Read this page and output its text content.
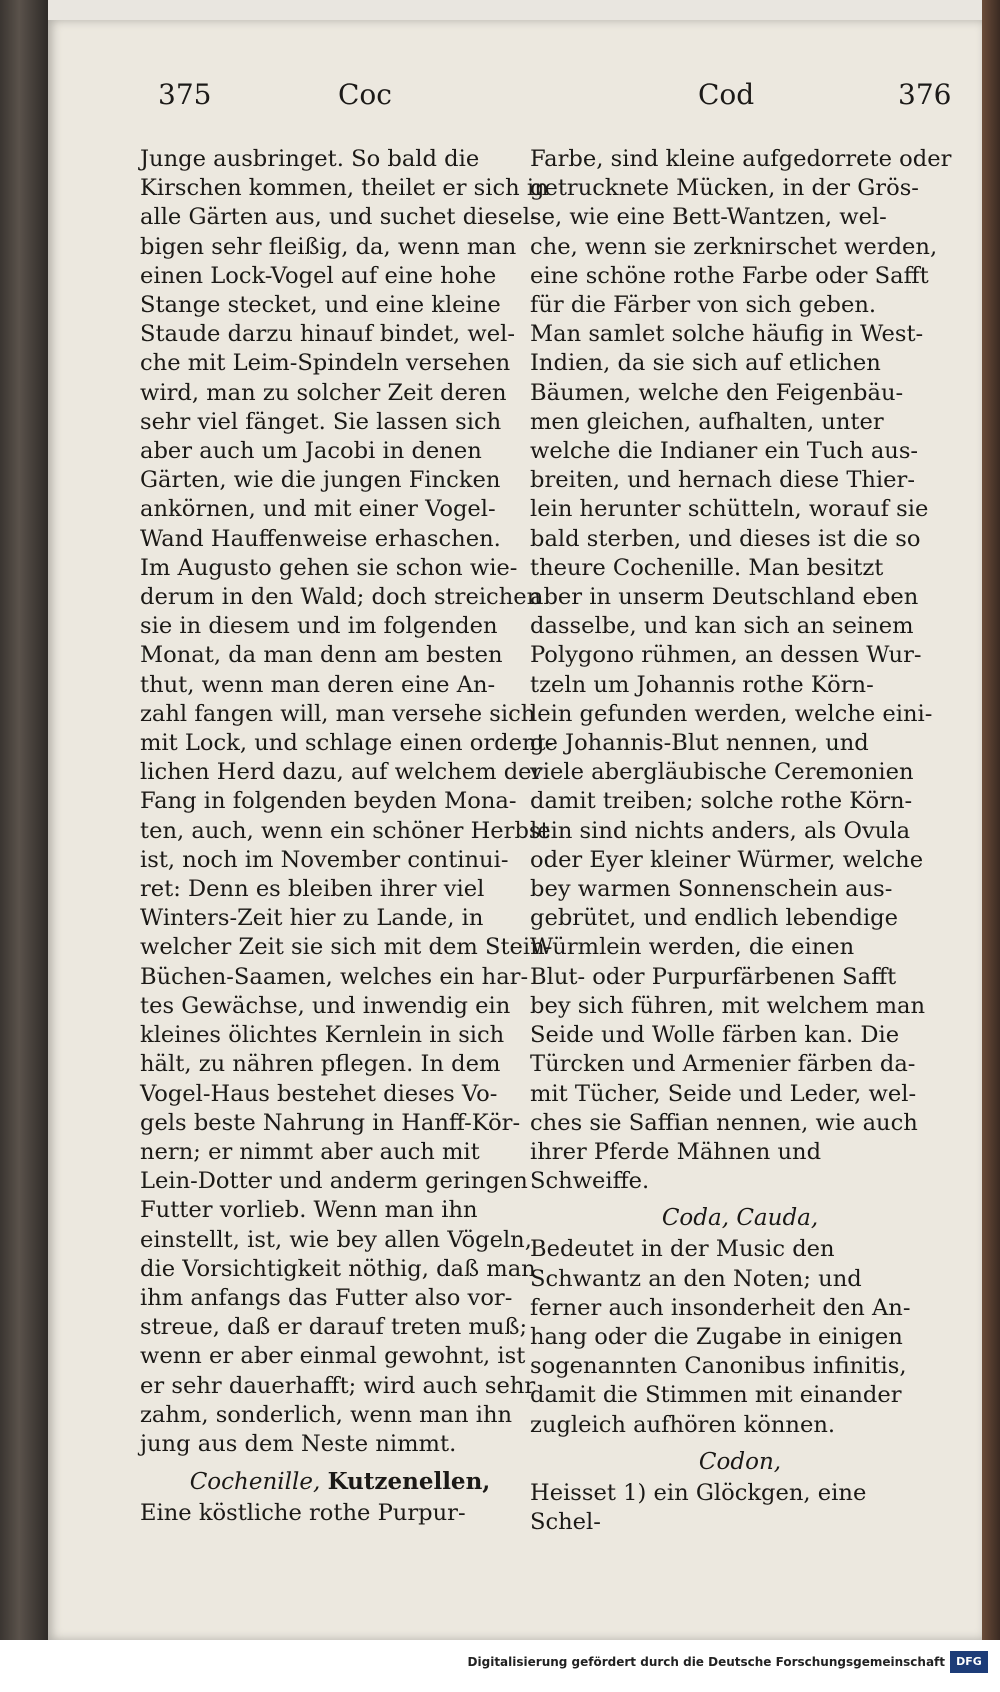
375	Coc	Cod	376
Junge ausbringet. So bald die
Kirschen kommen, theilet er sich in
alle Gärten aus, und suchet diesel-
bigen sehr fleißig, da, wenn man
einen Lock-Vogel auf eine hohe
Stange stecket, und eine kleine
Staude darzu hinauf bindet, wel-
che mit Leim-Spindeln versehen
wird, man zu solcher Zeit deren
sehr viel fänget. Sie lassen sich
aber auch um Jacobi in denen
Gärten, wie die jungen Fincken
ankörnen, und mit einer Vogel-
Wand Hauffenweise erhaschen.
Im Augusto gehen sie schon wie-
derum in den Wald; doch streichen
sie in diesem und im folgenden
Monat, da man denn am besten
thut, wenn man deren eine An-
zahl fangen will, man versehe sich
mit Lock, und schlage einen ordent-
lichen Herd dazu, auf welchem der
Fang in folgenden beyden Mona-
ten, auch, wenn ein schöner Herbst
ist, noch im November continui-
ret: Denn es bleiben ihrer viel
Winters-Zeit hier zu Lande, in
welcher Zeit sie sich mit dem Stein-
Büchen-Saamen, welches ein har-
tes Gewächse, und inwendig ein
kleines ölichtes Kernlein in sich
hält, zu nähren pflegen. In dem
Vogel-Haus bestehet dieses Vo-
gels beste Nahrung in Hanff-Kör-
nern; er nimmt aber auch mit
Lein-Dotter und anderm geringen
Futter vorlieb. Wenn man ihn
einstellt, ist, wie bey allen Vögeln,
die Vorsichtigkeit nöthig, daß man
ihm anfangs das Futter also vor-
streue, daß er darauf treten muß;
wenn er aber einmal gewohnt, ist
er sehr dauerhafft; wird auch sehr
zahm, sonderlich, wenn man ihn
jung aus dem Neste nimmt.
Cochenille, Kutzenellen,
Eine köstliche rothe Purpur-
Farbe, sind kleine aufgedorrete oder
getrucknete Mücken, in der Grös-
se, wie eine Bett-Wantzen, wel-
che, wenn sie zerknirschet werden,
eine schöne rothe Farbe oder Safft
für die Färber von sich geben.
Man samlet solche häufig in West-
Indien, da sie sich auf etlichen
Bäumen, welche den Feigenbäu-
men gleichen, aufhalten, unter
welche die Indianer ein Tuch aus-
breiten, und hernach diese Thier-
lein herunter schütteln, worauf sie
bald sterben, und dieses ist die so
theure Cochenille. Man besitzt
aber in unserm Deutschland eben
dasselbe, und kan sich an seinem
Polygono rühmen, an dessen Wur-
tzeln um Johannis rothe Körn-
lein gefunden werden, welche eini-
ge Johannis-Blut nennen, und
viele abergläubische Ceremonien
damit treiben; solche rothe Körn-
lein sind nichts anders, als Ovula
oder Eyer kleiner Würmer, welche
bey warmen Sonnenschein aus-
gebrütet, und endlich lebendige
Würmlein werden, die einen
Blut- oder Purpurfärbenen Safft
bey sich führen, mit welchem man
Seide und Wolle färben kan. Die
Türcken und Armenier färben da-
mit Tücher, Seide und Leder, wel-
ches sie Saffian nennen, wie auch
ihrer Pferde Mähnen und
Schweiffe.
Coda, Cauda,
Bedeutet in der Music den
Schwantz an den Noten; und
ferner auch insonderheit den An-
hang oder die Zugabe in einigen
sogenannten Canonibus infinitis,
damit die Stimmen mit einander
zugleich aufhören können.
Codon,
Heisset 1) ein Glöckgen, eine
Schel-
Digitalisierung gefördert durch die Deutsche Forschungsgemeinschaft	DFG
